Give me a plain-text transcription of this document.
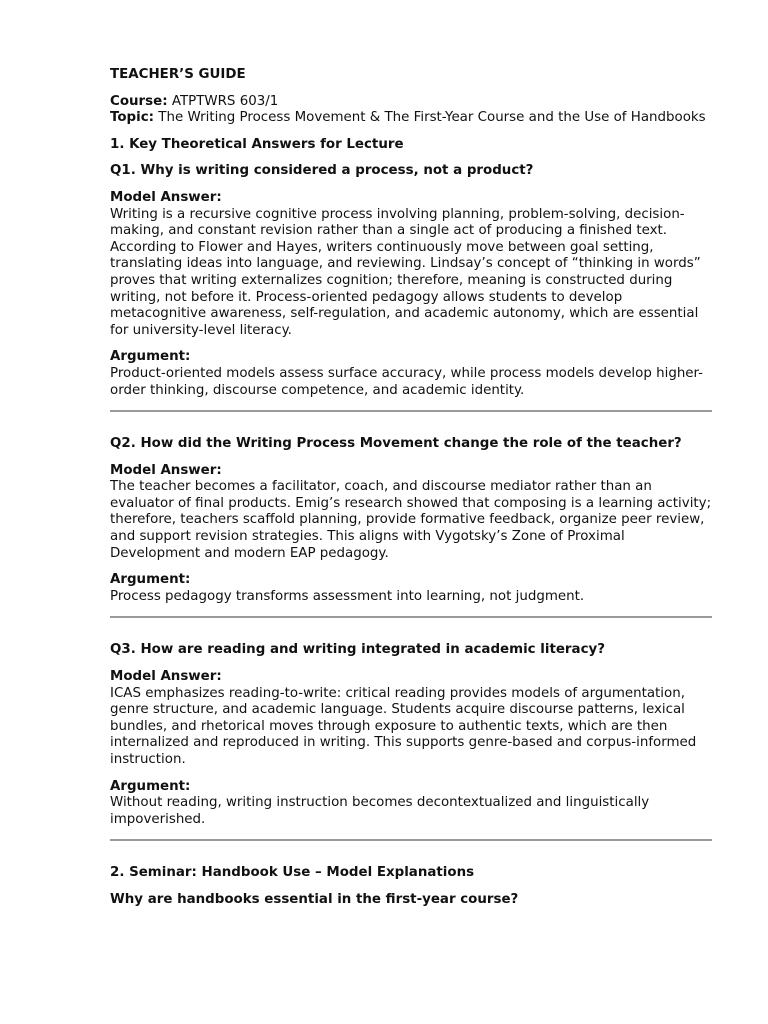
TEACHER’S GUIDE

Course: ATPTWRS 603/1

Topic: The Writing Process Movement & The First-Year Course and the Use of Handbooks

1. Key Theoretical Answers for Lecture
Q1. Why is writing considered a process, not a product?
Model Answer:

Writing is a recursive cognitive process involving planning, problem-solving, decision-making, and constant revision rather than a single act of producing a finished text. According to Flower and Hayes, writers continuously move between goal setting, translating ideas into language, and reviewing. Lindsay’s concept of “thinking in words” proves that writing externalizes cognition; therefore, meaning is constructed during writing, not before it. Process-oriented pedagogy allows students to develop metacognitive awareness, self-regulation, and academic autonomy, which are essential for university-level literacy.

Argument:

Product-oriented models assess surface accuracy, while process models develop higher-order thinking, discourse competence, and academic identity.

Q2. How did the Writing Process Movement change the role of the teacher?
Model Answer:

The teacher becomes a facilitator, coach, and discourse mediator rather than an evaluator of final products. Emig’s research showed that composing is a learning activity; therefore, teachers scaffold planning, provide formative feedback, organize peer review, and support revision strategies. This aligns with Vygotsky’s Zone of Proximal Development and modern EAP pedagogy.

Argument:

Process pedagogy transforms assessment into learning, not judgment.

Q3. How are reading and writing integrated in academic literacy?
Model Answer:

ICAS emphasizes reading-to-write: critical reading provides models of argumentation, genre structure, and academic language. Students acquire discourse patterns, lexical bundles, and rhetorical moves through exposure to authentic texts, which are then internalized and reproduced in writing. This supports genre-based and corpus-informed instruction.

Argument:

Without reading, writing instruction becomes decontextualized and linguistically impoverished.

2. Seminar: Handbook Use – Model Explanations
Why are handbooks essential in the first-year course?
